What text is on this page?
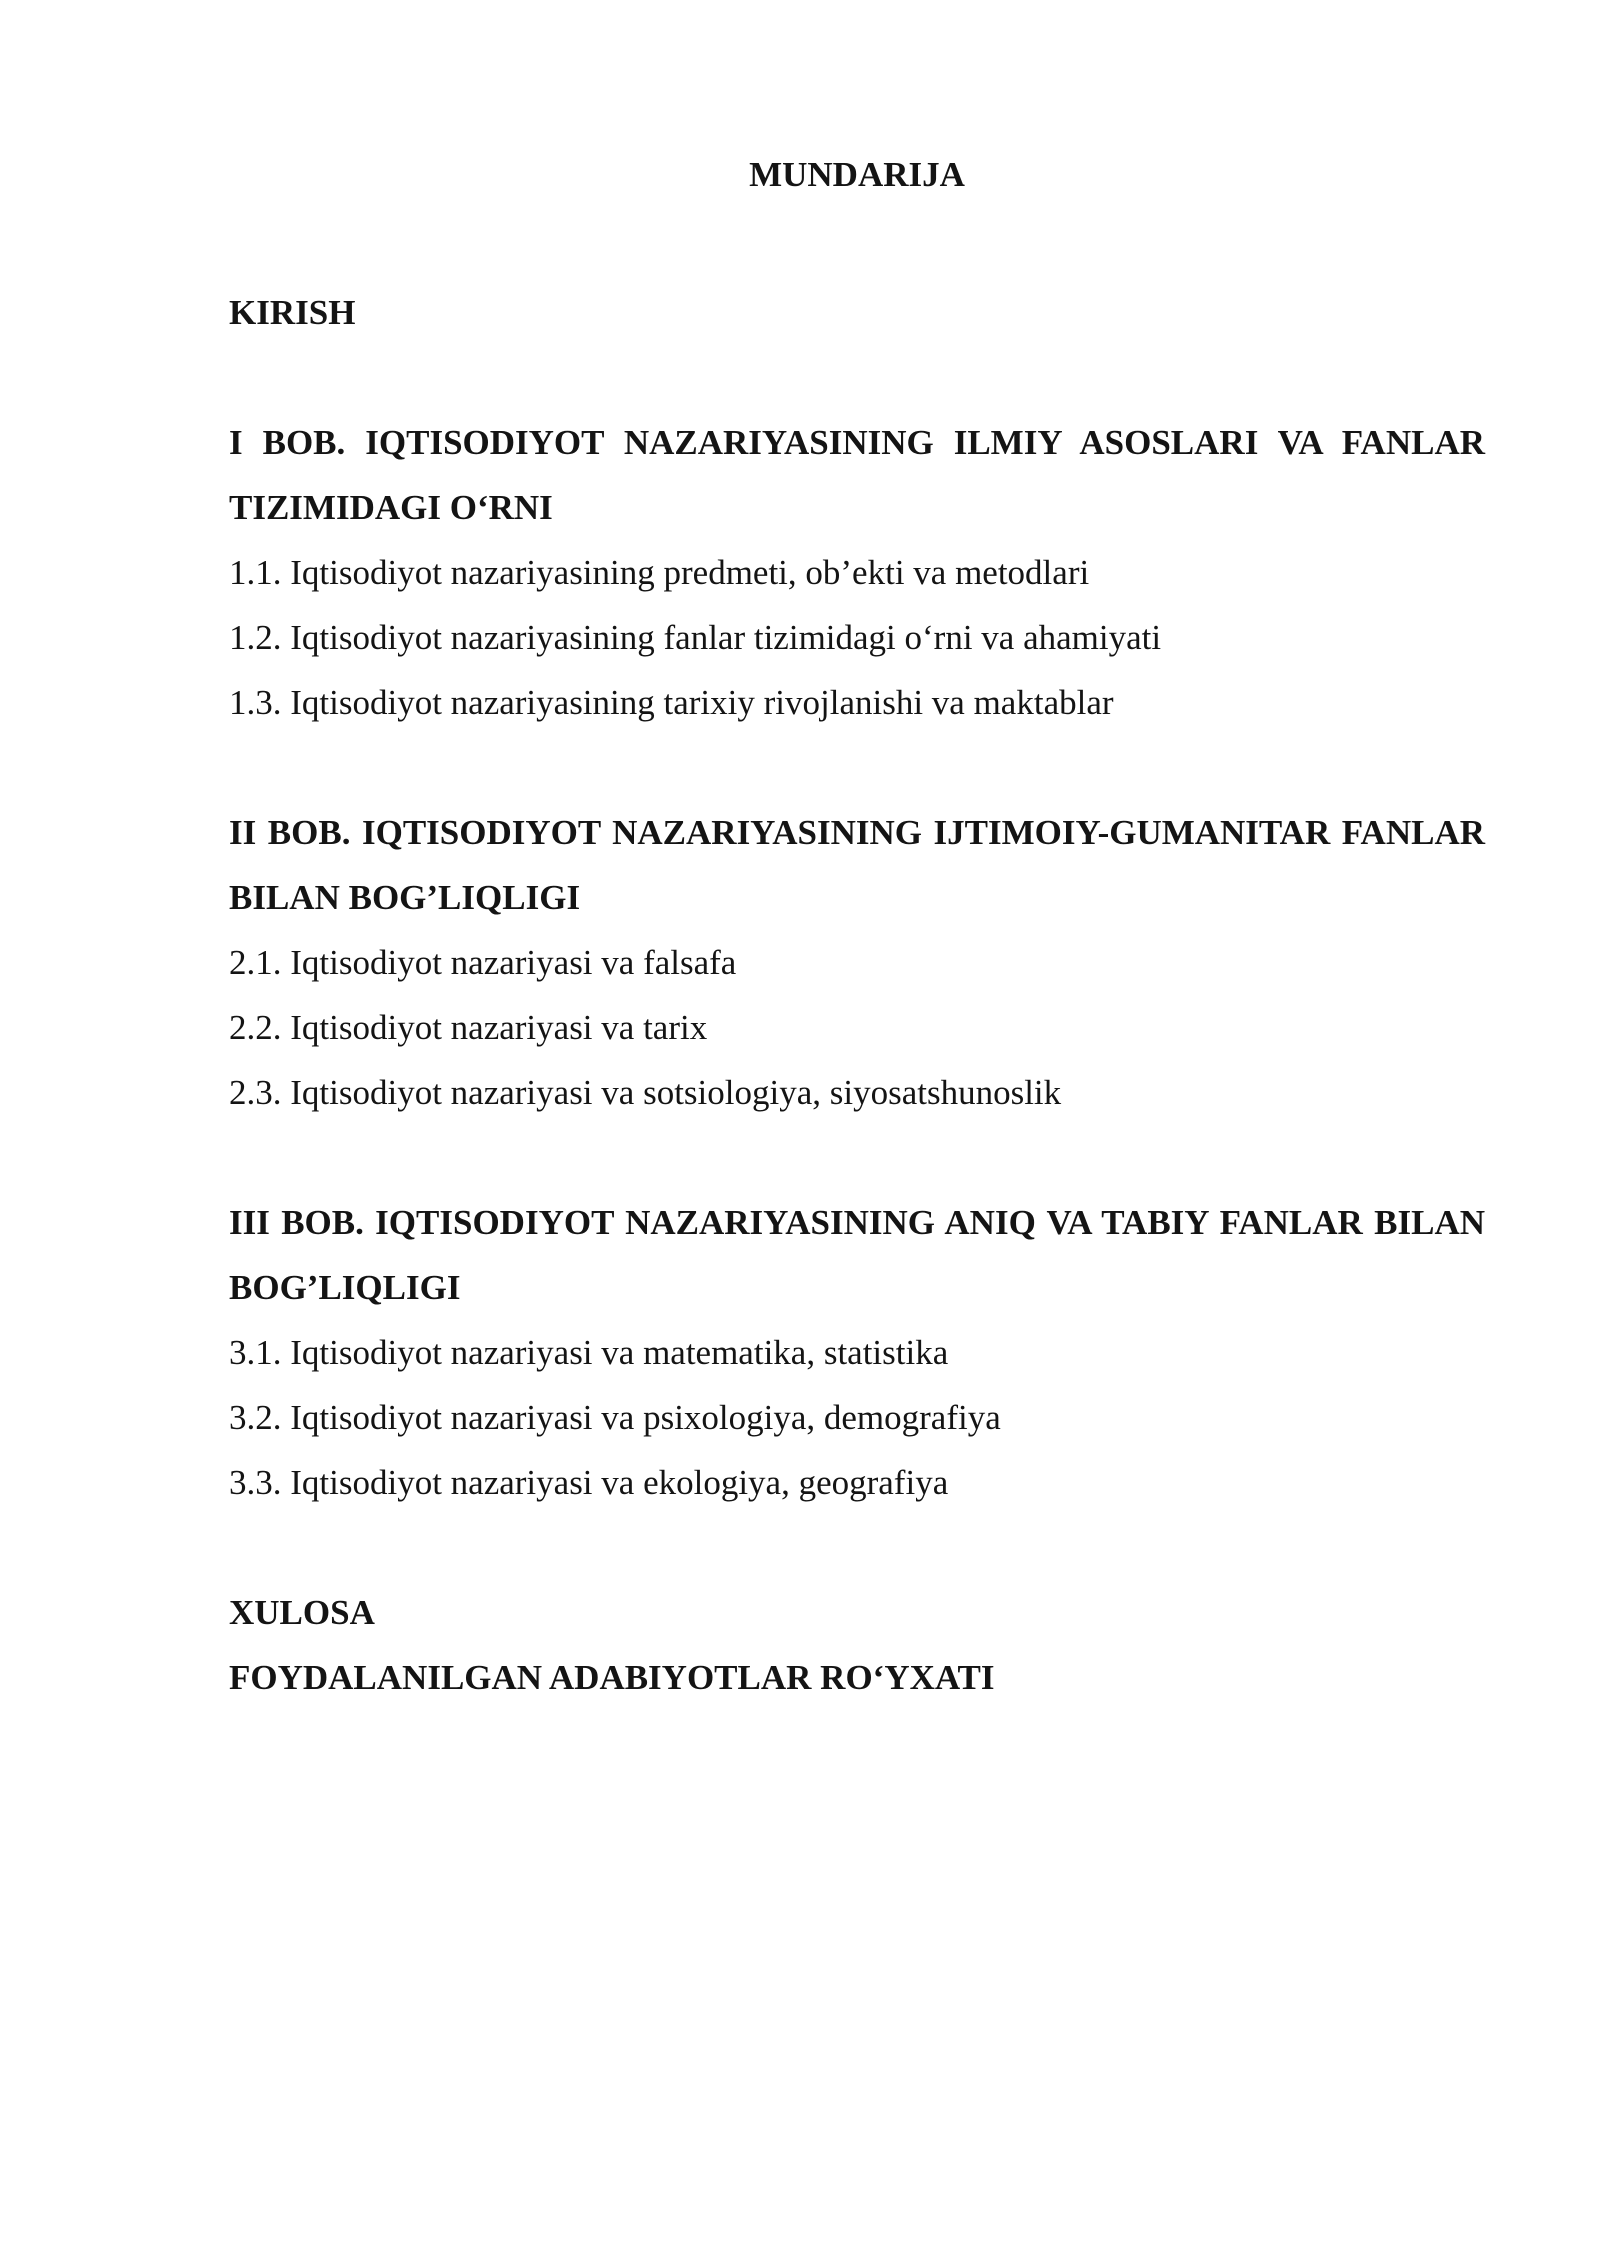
MUNDARIJA
KIRISH
I BOB. IQTISODIYOT NAZARIYASINING ILMIY ASOSLARI VA FANLAR TIZIMIDAGI O‘RNI
1.1. Iqtisodiyot nazariyasining predmeti, ob’ekti va metodlari
1.2. Iqtisodiyot nazariyasining fanlar tizimidagi o‘rni va ahamiyati
1.3. Iqtisodiyot nazariyasining tarixiy rivojlanishi va maktablar
II BOB. IQTISODIYOT NAZARIYASINING IJTIMOIY-GUMANITAR FANLAR BILAN BOG’LIQLIGI
2.1. Iqtisodiyot nazariyasi va falsafa
2.2. Iqtisodiyot nazariyasi va tarix
2.3. Iqtisodiyot nazariyasi va sotsiologiya, siyosatshunoslik
III BOB. IQTISODIYOT NAZARIYASINING ANIQ VA TABIY FANLAR BILAN BOG’LIQLIGI
3.1. Iqtisodiyot nazariyasi va matematika, statistika
3.2. Iqtisodiyot nazariyasi va psixologiya, demografiya
3.3. Iqtisodiyot nazariyasi va ekologiya, geografiya
XULOSA
FOYDALANILGAN ADABIYOTLAR RO‘YXATI
